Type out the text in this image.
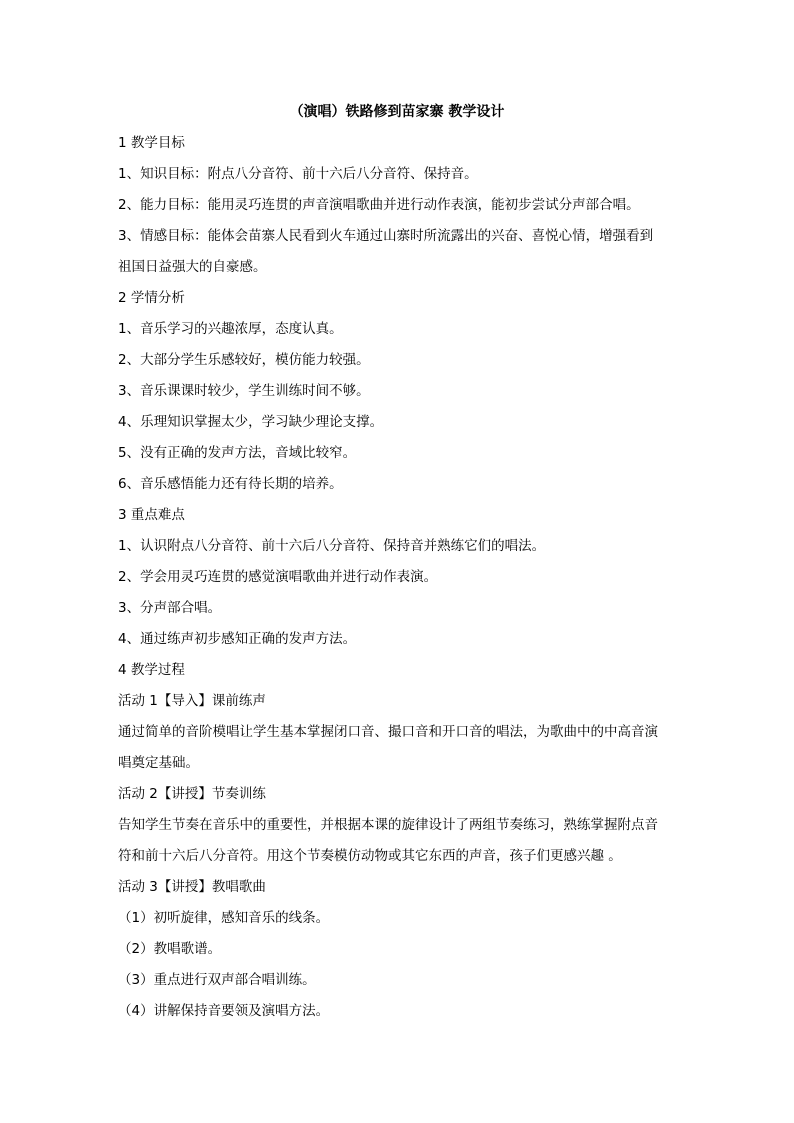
（演唱）铁路修到苗家寨 教学设计
1 教学目标
1、知识目标：附点八分音符、前十六后八分音符、保持音。
2、能力目标：能用灵巧连贯的声音演唱歌曲并进行动作表演，能初步尝试分声部合唱。
3、情感目标：能体会苗寨人民看到火车通过山寨时所流露出的兴奋、喜悦心情，增强看到
祖国日益强大的自豪感。
2 学情分析
1、音乐学习的兴趣浓厚，态度认真。
2、大部分学生乐感较好，模仿能力较强。
3、音乐课课时较少，学生训练时间不够。
4、乐理知识掌握太少，学习缺少理论支撑。
5、没有正确的发声方法，音域比较窄。
6、音乐感悟能力还有待长期的培养。
3 重点难点
1、认识附点八分音符、前十六后八分音符、保持音并熟练它们的唱法。
2、学会用灵巧连贯的感觉演唱歌曲并进行动作表演。
3、分声部合唱。
4、通过练声初步感知正确的发声方法。
4 教学过程
活动 1【导入】课前练声
通过简单的音阶模唱让学生基本掌握闭口音、撮口音和开口音的唱法，为歌曲中的中高音演
唱奠定基础。
活动 2【讲授】节奏训练
告知学生节奏在音乐中的重要性，并根据本课的旋律设计了两组节奏练习，熟练掌握附点音
符和前十六后八分音符。用这个节奏模仿动物或其它东西的声音，孩子们更感兴趣 。
活动 3【讲授】教唱歌曲
（1）初听旋律，感知音乐的线条。
（2）教唱歌谱。
（3）重点进行双声部合唱训练。
（4）讲解保持音要领及演唱方法。
